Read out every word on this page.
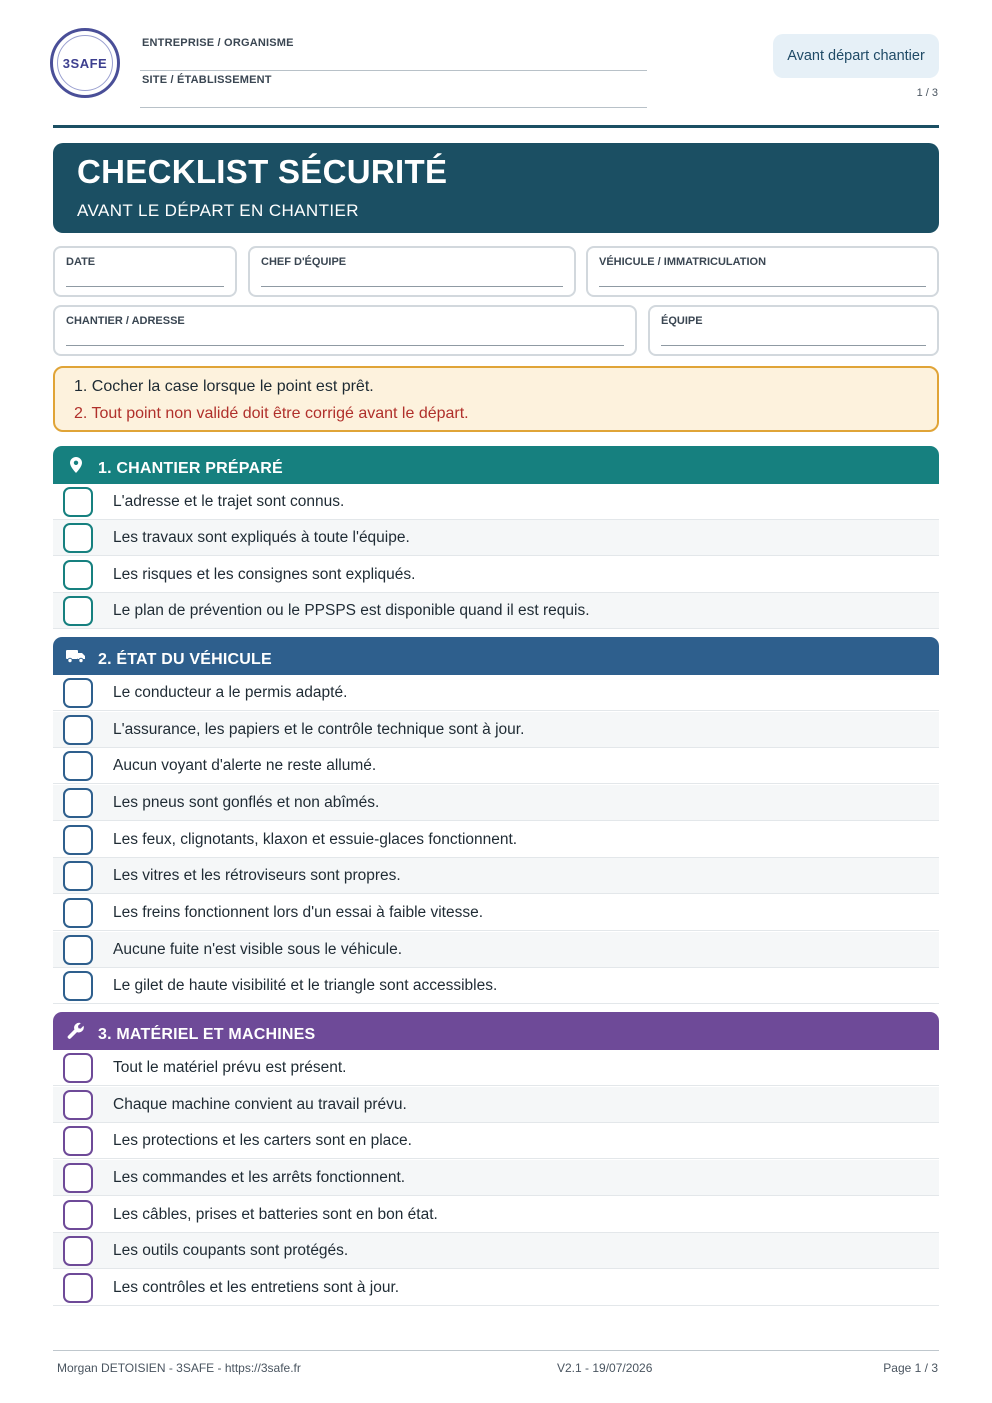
3SAFE
ENTREPRISE / ORGANISME
SITE / ÉTABLISSEMENT
Avant départ chantier
1 / 3
CHECKLIST SÉCURITÉ
AVANT LE DÉPART EN CHANTIER
DATE	CHEF D'ÉQUIPE	VÉHICULE / IMMATRICULATION
CHANTIER / ADRESSE	ÉQUIPE
1. Cocher la case lorsque le point est prêt.
2. Tout point non validé doit être corrigé avant le départ.
1. CHANTIER PRÉPARÉ
L'adresse et le trajet sont connus.
Les travaux sont expliqués à toute l'équipe.
Les risques et les consignes sont expliqués.
Le plan de prévention ou le PPSPS est disponible quand il est requis.
2. ÉTAT DU VÉHICULE
Le conducteur a le permis adapté.
L'assurance, les papiers et le contrôle technique sont à jour.
Aucun voyant d'alerte ne reste allumé.
Les pneus sont gonflés et non abîmés.
Les feux, clignotants, klaxon et essuie-glaces fonctionnent.
Les vitres et les rétroviseurs sont propres.
Les freins fonctionnent lors d'un essai à faible vitesse.
Aucune fuite n'est visible sous le véhicule.
Le gilet de haute visibilité et le triangle sont accessibles.
3. MATÉRIEL ET MACHINES
Tout le matériel prévu est présent.
Chaque machine convient au travail prévu.
Les protections et les carters sont en place.
Les commandes et les arrêts fonctionnent.
Les câbles, prises et batteries sont en bon état.
Les outils coupants sont protégés.
Les contrôles et les entretiens sont à jour.
Morgan DETOISIEN - 3SAFE - https://3safe.fr	V2.1 - 19/07/2026	Page 1 / 3
